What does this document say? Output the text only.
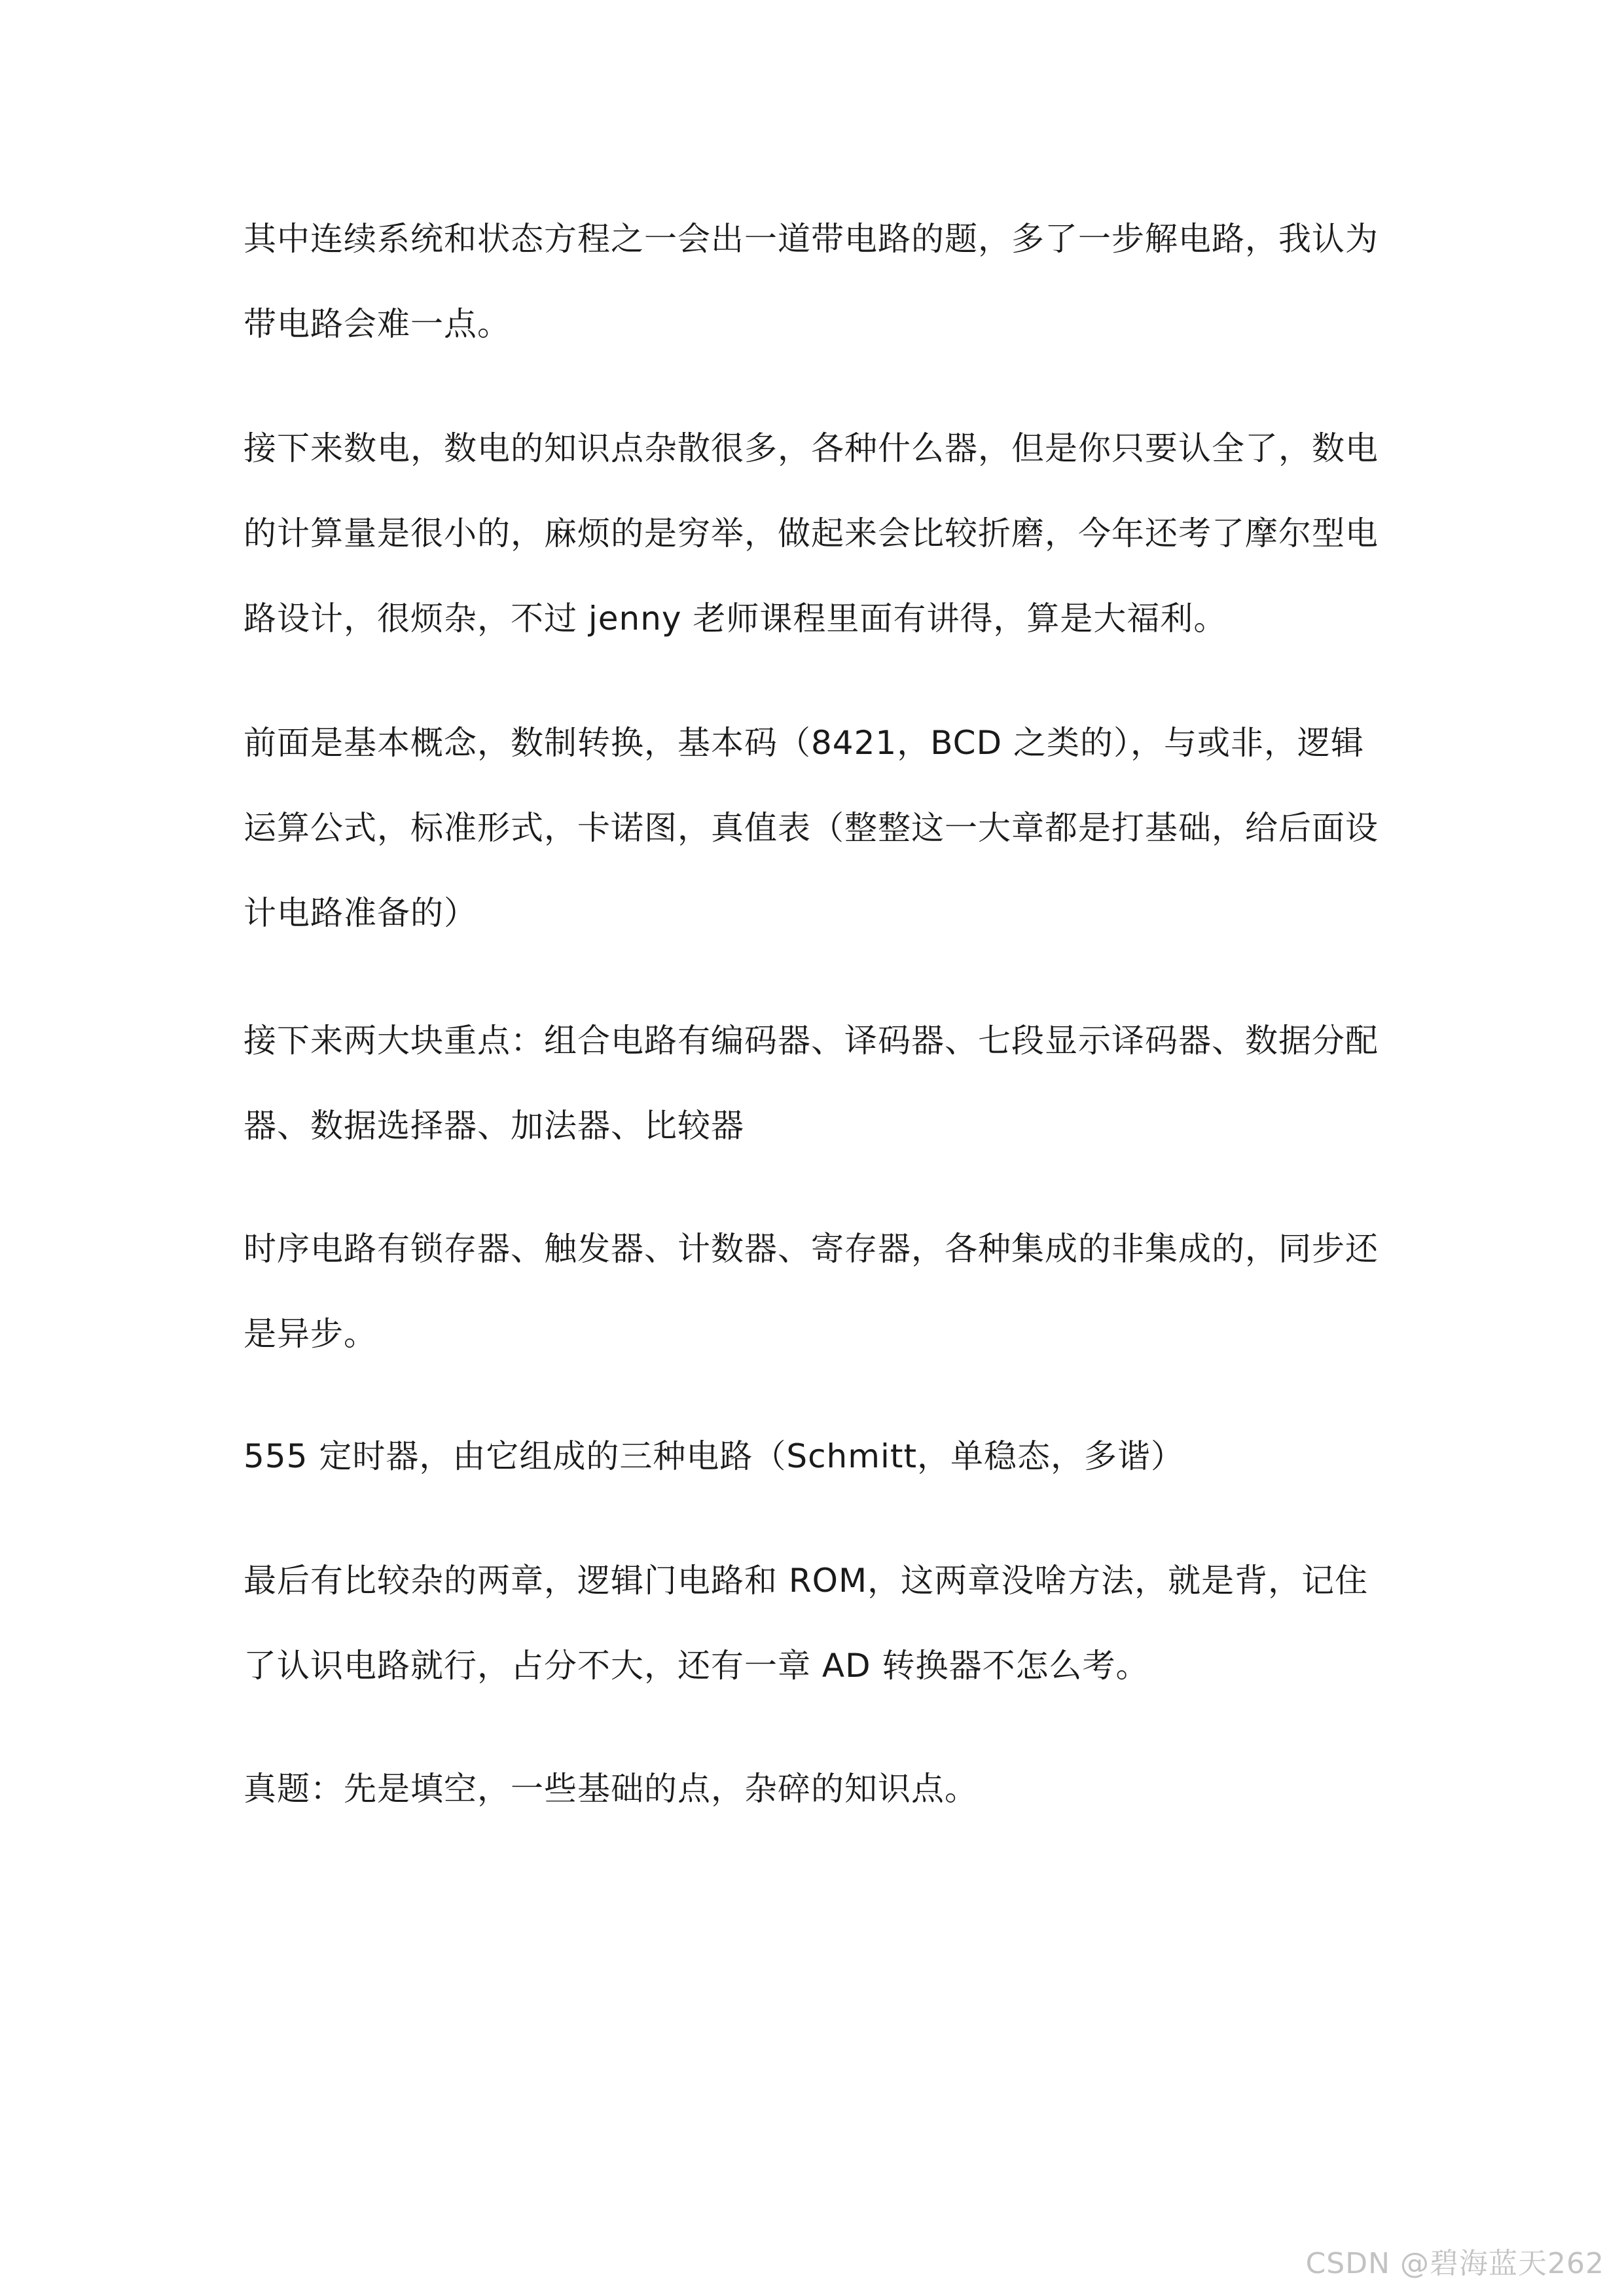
其中连续系统和状态方程之一会出一道带电路的题，多了一步解电路，我认为带电路会难一点。

接下来数电，数电的知识点杂散很多，各种什么器，但是你只要认全了，数电的计算量是很小的，麻烦的是穷举，做起来会比较折磨，今年还考了摩尔型电路设计，很烦杂，不过 jenny 老师课程里面有讲得，算是大福利。

前面是基本概念，数制转换，基本码（8421，BCD 之类的），与或非，逻辑运算公式，标准形式，卡诺图，真值表（整整这一大章都是打基础，给后面设计电路准备的）

接下来两大块重点：组合电路有编码器、译码器、七段显示译码器、数据分配器、数据选择器、加法器、比较器

时序电路有锁存器、触发器、计数器、寄存器，各种集成的非集成的，同步还是异步。

555 定时器，由它组成的三种电路（Schmitt，单稳态，多谐）

最后有比较杂的两章，逻辑门电路和 ROM，这两章没啥方法，就是背，记住了认识电路就行，占分不大，还有一章 AD 转换器不怎么考。

真题：先是填空，一些基础的点，杂碎的知识点。

CSDN @碧海蓝天262
